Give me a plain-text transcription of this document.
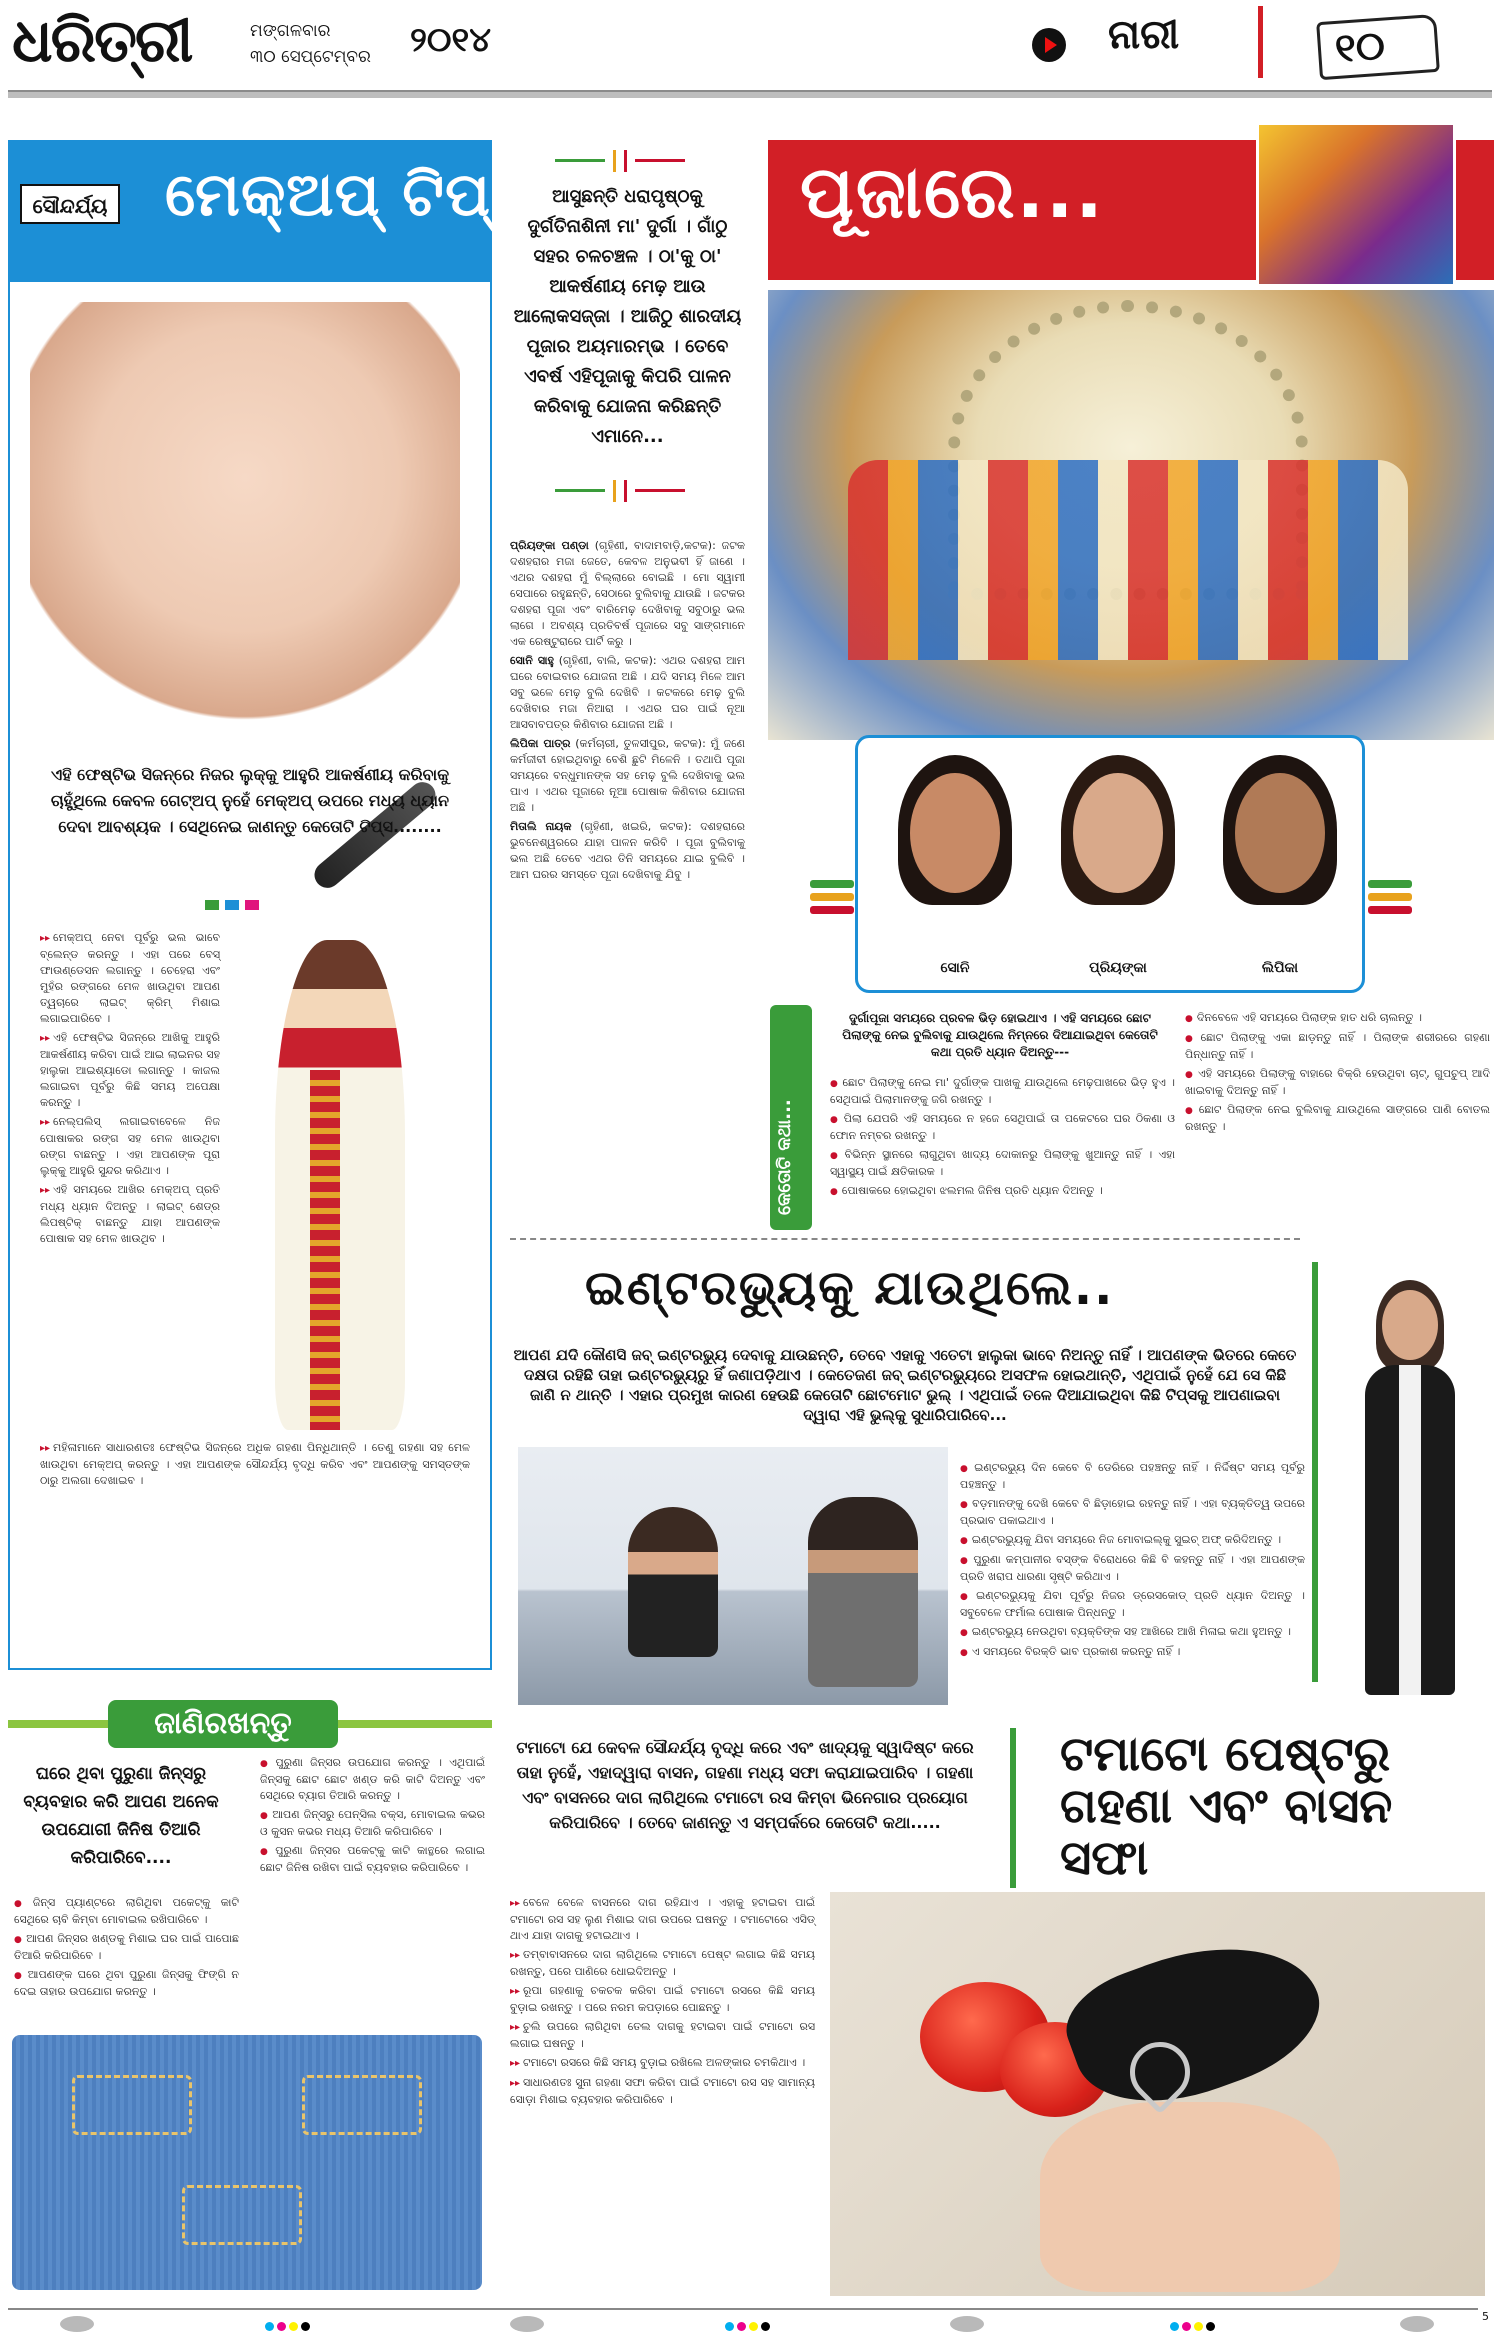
ଧରିତ୍ରୀ	ମଙ୍ଗଳବାର
୩୦ ସେପ୍ଟେମ୍ବର ୨୦୧୪	ନାରୀ	୧୦
ସୌନ୍ଦର୍ଯ୍ୟ ମେକ୍‌ଅପ୍ ଟିପ୍ସ
ଏହି ଫେଷ୍ଟିଭ ସିଜନ୍‌ରେ ନିଜର ଲୁକ୍‌କୁ ଆହୁରି ଆକର୍ଷଣୀୟ କରିବାକୁ ଚାହୁଁଥିଲେ କେବଳ ଗେଟ୍‌ଅପ୍ ନୁହେଁ ମେକ୍‌ଅପ୍ ଉପରେ ମଧ୍ୟ ଧ୍ୟାନ ଦେବା ଆବଶ୍ୟକ । ସେଥିନେଇ ଜାଣନ୍ତୁ କେତୋଟି ଟିପ୍ସ........

▸▸ ମେକ୍‌ଅପ୍ ନେବା ପୂର୍ବରୁ ଭଲ ଭାବେ ବ୍ଲେନ୍ଡ କରନ୍ତୁ । ଏହା ପରେ ବେସ୍ ଫାଉଣ୍ଡେସନ ଲଗାନ୍ତୁ । ଚେହେରା ଏବଂ ମୁହଁର ରଙ୍ଗରେ ମେଳ ଖାଉଥିବା ଆପଣ ତ୍ୱଚାରେ ଲାଇଟ୍ କ୍ରିମ୍ ମିଶାଇ ଲଗାଇପାରିବେ ।

▸▸ ଏହି ଫେଷ୍ଟିଭ ସିଜନ୍‌ରେ ଆଖିକୁ ଆହୁରି ଆକର୍ଷଣୀୟ କରିବା ପାଇଁ ଆଇ ଲାଇନର ସହ ହାଲୁକା ଆଇଶ୍ୟାଡୋ ଲଗାନ୍ତୁ । କାଜଲ ଲଗାଇବା ପୂର୍ବରୁ କିଛି ସମୟ ଅପେକ୍ଷା କରନ୍ତୁ ।

▸▸ ନେଲ୍‌ପଲିସ୍ ଲଗାଇବାବେଳେ ନିଜ ପୋଷାକର ରଙ୍ଗ ସହ ମେଳ ଖାଉଥିବା ରଙ୍ଗ ବାଛନ୍ତୁ । ଏହା ଆପଣଙ୍କ ପୂରା ଲୁକ୍‌କୁ ଆହୁରି ସୁନ୍ଦର କରିଥାଏ ।

▸▸ ଏହି ସମୟରେ ଆଖିର ମେକ୍‌ଅପ୍ ପ୍ରତି ମଧ୍ୟ ଧ୍ୟାନ ଦିଅନ୍ତୁ । ଲାଇଟ୍ ଶେଡ୍‌ର ଲିପଷ୍ଟିକ୍ ବାଛନ୍ତୁ ଯାହା ଆପଣଙ୍କ ପୋଷାକ ସହ ମେଳ ଖାଉଥିବ ।

▸▸ ମହିଳାମାନେ ସାଧାରଣତଃ ଫେଷ୍ଟିଭ ସିଜନ୍‌ରେ ଅଧିକ ଗହଣା ପିନ୍ଧିଥାନ୍ତି । ତେଣୁ ଗହଣା ସହ ମେଳ ଖାଉଥିବା ମେକ୍‌ଅପ୍ କରନ୍ତୁ । ଏହା ଆପଣଙ୍କ ସୌନ୍ଦର୍ଯ୍ୟ ବୃଦ୍ଧି କରିବ ଏବଂ ଆପଣଙ୍କୁ ସମସ୍ତଙ୍କ ଠାରୁ ଅଲଗା ଦେଖାଇବ ।

ଜାଣିରଖନ୍ତୁ
ଘରେ ଥିବା ପୁରୁଣା ଜିନ୍ସରୁ ବ୍ୟବହାର କରି ଆପଣ ଅନେକ ଉପଯୋଗୀ ଜିନିଷ ତିଆରି କରିପାରିବେ....

● ପୁରୁଣା ଜିନ୍ସର ଉପଯୋଗ କରନ୍ତୁ । ଏଥିପାଇଁ ଜିନ୍ସକୁ ଛୋଟ ଛୋଟ ଖଣ୍ଡ କରି କାଟି ଦିଅନ୍ତୁ ଏବଂ ସେଥିରେ ବ୍ୟାଗ ତିଆରି କରନ୍ତୁ ।

● ଆପଣ ଜିନ୍ସରୁ ପେନ୍ସିଲ ବକ୍ସ, ମୋବାଇଲ କଭର ଓ କୁସନ କଭର ମଧ୍ୟ ତିଆରି କରିପାରିବେ ।

● ପୁରୁଣା ଜିନ୍ସର ପକେଟ୍‌କୁ କାଟି କାନ୍ଥରେ ଲଗାଇ ଛୋଟ ଜିନିଷ ରଖିବା ପାଇଁ ବ୍ୟବହାର କରିପାରିବେ ।

● ଜିନ୍ସ ପ୍ୟାଣ୍ଟରେ ଲାଗିଥିବା ପକେଟ୍‌କୁ କାଟି ସେଥିରେ ଚାବି କିମ୍ବା ମୋବାଇଲ ରଖିପାରିବେ ।

● ଆପଣ ଜିନ୍ସର ଖଣ୍ଡକୁ ମିଶାଇ ଘର ପାଇଁ ପାପୋଛ ତିଆରି କରିପାରିବେ ।

● ଆପଣଙ୍କ ଘରେ ଥିବା ପୁରୁଣା ଜିନ୍ସକୁ ଫିଙ୍ଗି ନ ଦେଇ ତାହାର ଉପଯୋଗ କରନ୍ତୁ ।

ଆସୁଛନ୍ତି ଧରାପୃଷ୍ଠକୁ ଦୁର୍ଗତିନାଶିନୀ ମା' ଦୁର୍ଗା । ଗାଁଠୁ ସହର ଚଳଚଞ୍ଚଳ । ଠା'କୁ ଠା' ଆକର୍ଷଣୀୟ ମେଢ଼ ଆଉ ଆଲୋକସଜ୍ଜା । ଆଜିଠୁ ଶାରଦୀୟ ପୂଜାର ଅୟମାରମ୍ଭ । ତେବେ ଏବର୍ଷ ଏହିପୂଜାକୁ କିପରି ପାଳନ କରିବାକୁ ଯୋଜନା କରିଛନ୍ତି ଏମାନେ...

ପ୍ରିୟଙ୍କା ପଣ୍ଡା (ଗୃହିଣୀ, ବାଦାମବାଡ଼ି,କଟକ): ଜଟକ ଦଶହରାର ମଜା ଜେତେ, କେବଳ ଅନୁଭବୀ ହିଁ ଜାଣେ । ଏଥର ଦଶହରା ମୁଁ ବିଲ୍ଲାରେ ବୋଇଛି । ମୋ ସ୍ୱାମୀ ସେପାରେ ରହୁଛନ୍ତି, ସେଠାରେ ବୁଲିବାକୁ ଯାଉଛି । ଜଟକର ଦଶହରା ପୂଜା ଏବଂ ବାରିମେଢ଼ ଦେଖିବାକୁ ସବୁଠାରୁ ଭଲ ଲାଗେ । ଅବଶ୍ୟ ପ୍ରତିବର୍ଷ ପୂଜାରେ ସବୁ ସାଙ୍ଗମାନେ ଏକ ରେଷ୍ଟୁରାରେ ପାର୍ଟି କରୁ ।

ସୋନି ସାହୁ (ଗୃହିଣୀ, ବାଲି, କଟକ): ଏଥର ଦଶହରା ଆମ ଘରେ ବୋଇବାର ଯୋଜନା ଅଛି । ଯଦି ସମୟ ମିଳେ ଆମ ସବୁ ଭଳେ ମେଢ଼ ବୁଲି ଦେଖିବି । କଟକରେ ମେଢ଼ ବୁଲି ଦେଖିବାର ମଜା ନିଆରା । ଏଥର ଘର ପାଇଁ ନୂଆ ଆସବାବପତ୍ର କିଣିବାର ଯୋଜନା ଅଛି ।

ଲିପିକା ପାତ୍ର (କର୍ମଚାରୀ, ତୁଳସୀପୁର, କଟକ): ମୁଁ ଜଣେ କର୍ମଜୀବୀ ହୋଇଥିବାରୁ ବେଶି ଛୁଟି ମିଳେନି । ତଥାପି ପୂଜା ସମୟରେ ବନ୍ଧୁମାନଙ୍କ ସହ ମେଢ଼ ବୁଲି ଦେଖିବାକୁ ଭଲ ପାଏ । ଏଥର ପୂଜାରେ ନୂଆ ପୋଷାକ କିଣିବାର ଯୋଜନା ଅଛି ।

ମିତାଲି ନାୟକ (ଗୃହିଣୀ, ଖଇରି, କଟକ): ଦଶହରାରେ ଭୁବନେଶ୍ୱରରେ ଯାହା ପାଳନ କରିବି । ପୂଜା ବୁଲିବାକୁ ଭଲ ଅଛି ତେବେ ଏଥର ତିନି ସମୟରେ ଯାଇ ବୁଲିବି । ଆମ ଘରର ସମସ୍ତେ ପୂଜା ଦେଖିବାକୁ ଯିବୁ ।

ପୂଜାରେ...
ସୋନି	ପ୍ରିୟଙ୍କା	ଲିପିକା
କେତୋଟି କଥା...
ଦୁର୍ଗାପୂଜା ସମୟରେ ପ୍ରବଳ ଭିଡ଼ ହୋଇଥାଏ । ଏହି ସମୟରେ ଛୋଟ ପିଲାଙ୍କୁ ନେଇ ବୁଲିବାକୁ ଯାଉଥିଲେ ନିମ୍ନରେ ଦିଆଯାଇଥିବା କେତୋଟି କଥା ପ୍ରତି ଧ୍ୟାନ ଦିଅନ୍ତୁ---

● ଛୋଟ ପିଲାଙ୍କୁ ନେଇ ମା' ଦୁର୍ଗାଙ୍କ ପାଖକୁ ଯାଉଥିଲେ ମେଢ଼ପାଖରେ ଭିଡ଼ ହୁଏ । ସେଥିପାଇଁ ପିଲାମାନଙ୍କୁ ଜଗି ରଖନ୍ତୁ ।

● ପିଲା ଯେପରି ଏହି ସମୟରେ ନ ହଜେ ସେଥିପାଇଁ ତା ପକେଟରେ ଘର ଠିକଣା ଓ ଫୋନ ନମ୍ବର ରଖନ୍ତୁ ।

● ବିଭିନ୍ନ ସ୍ଥାନରେ ଲାଗୁଥିବା ଖାଦ୍ୟ ଦୋକାନରୁ ପିଲାଙ୍କୁ ଖୁଆନ୍ତୁ ନାହିଁ । ଏହା ସ୍ୱାସ୍ଥ୍ୟ ପାଇଁ କ୍ଷତିକାରକ ।

● ପୋଷାକରେ ହୋଇଥିବା ଝଲମଲ ଜିନିଷ ପ୍ରତି ଧ୍ୟାନ ଦିଅନ୍ତୁ ।

● ଦିନବେଳେ ଏହି ସମୟରେ ପିଲାଙ୍କ ହାତ ଧରି ଚାଲନ୍ତୁ ।

● ଛୋଟ ପିଲାଙ୍କୁ ଏକା ଛାଡ଼ନ୍ତୁ ନାହିଁ । ପିଲାଙ୍କ ଶରୀରରେ ଗହଣା ପିନ୍ଧାନ୍ତୁ ନାହିଁ ।

● ଏହି ସମୟରେ ପିଲାଙ୍କୁ ବାହାରେ ବିକ୍ରି ହେଉଥିବା ଚାଟ୍, ଗୁପଚୁପ୍ ଆଦି ଖାଇବାକୁ ଦିଅନ୍ତୁ ନାହିଁ ।

● ଛୋଟ ପିଲାଙ୍କ ନେଇ ବୁଲିବାକୁ ଯାଉଥିଲେ ସାଙ୍ଗରେ ପାଣି ବୋତଲ ରଖନ୍ତୁ ।

ଇଣ୍ଟରଭ୍ୟୁକୁ ଯାଉଥିଲେ..
ଆପଣ ଯଦି କୌଣସି ଜବ୍ ଇଣ୍ଟରଭ୍ୟୁ ଦେବାକୁ ଯାଉଛନ୍ତି, ତେବେ ଏହାକୁ ଏତେଟା ହାଲୁକା ଭାବେ ନିଅନ୍ତୁ ନାହିଁ । ଆପଣଙ୍କ ଭିତରେ କେତେ ଦକ୍ଷତା ରହିଛି ତାହା ଇଣ୍ଟରଭ୍ୟୁରୁ ହିଁ ଜଣାପଡ଼ିଥାଏ । କେତେଜଣ ଜବ୍ ଇଣ୍ଟରଭ୍ୟୁରେ ଅସଫଳ ହୋଇଥାନ୍ତି, ଏଥିପାଇଁ ନୁହେଁ ଯେ ସେ କିଛି ଜାଣି ନ ଥାନ୍ତି । ଏହାର ପ୍ରମୁଖ କାରଣ ହେଉଛି କେତୋଟି ଛୋଟମୋଟ ଭୁଲ୍ । ଏଥିପାଇଁ ତଳେ ଦିଆଯାଇଥିବା କିଛି ଟିପ୍ସକୁ ଆପଣାଇବା ଦ୍ୱାରା ଏହି ଭୁଲ୍‌କୁ ସୁଧାରିପାରିବେ...

● ଇଣ୍ଟରଭ୍ୟୁ ଦିନ କେବେ ବି ଡେରିରେ ପହଞ୍ଚନ୍ତୁ ନାହିଁ । ନିର୍ଦ୍ଦିଷ୍ଟ ସମୟ ପୂର୍ବରୁ ପହଞ୍ଚନ୍ତୁ ।

● ବଡ଼ମାନଙ୍କୁ ଦେଖି କେବେ ବି ଛିଡ଼ାହୋଇ ରହନ୍ତୁ ନାହିଁ । ଏହା ବ୍ୟକ୍ତିତ୍ୱ ଉପରେ ପ୍ରଭାବ ପକାଇଥାଏ ।

● ଇଣ୍ଟରଭ୍ୟୁକୁ ଯିବା ସମୟରେ ନିଜ ମୋବାଇଲ୍‌କୁ ସୁଇଚ୍ ଅଫ୍ କରିଦିଅନ୍ତୁ ।

● ପୁରୁଣା କମ୍ପାନୀର ବସ୍‌ଙ୍କ ବିରୋଧରେ କିଛି ବି କହନ୍ତୁ ନାହିଁ । ଏହା ଆପଣଙ୍କ ପ୍ରତି ଖରାପ ଧାରଣା ସୃଷ୍ଟି କରିଥାଏ ।

● ଇଣ୍ଟରଭ୍ୟୁକୁ ଯିବା ପୂର୍ବରୁ ନିଜର ଡ୍ରେସକୋଡ୍ ପ୍ରତି ଧ୍ୟାନ ଦିଅନ୍ତୁ । ସବୁବେଳେ ଫର୍ମାଲ ପୋଷାକ ପିନ୍ଧନ୍ତୁ ।

● ଇଣ୍ଟରଭ୍ୟୁ ନେଉଥିବା ବ୍ୟକ୍ତିଙ୍କ ସହ ଆଖିରେ ଆଖି ମିଳାଇ କଥା ହୁଅନ୍ତୁ ।

● ଏ ସମୟରେ ବିରକ୍ତି ଭାବ ପ୍ରକାଶ କରନ୍ତୁ ନାହିଁ ।

ଟମାଟୋ ଯେ କେବଳ ସୌନ୍ଦର୍ଯ୍ୟ ବୃଦ୍ଧି କରେ ଏବଂ ଖାଦ୍ୟକୁ ସ୍ୱାଦିଷ୍ଟ କରେ ତାହା ନୁହେଁ, ଏହାଦ୍ୱାରା ବାସନ, ଗହଣା ମଧ୍ୟ ସଫା କରାଯାଇପାରିବ । ଗହଣା ଏବଂ ବାସନରେ ଦାଗ ଲାଗିଥିଲେ ଟମାଟୋ ରସ କିମ୍ବା ଭିନେଗାର ପ୍ରୟୋଗ କରିପାରିବେ । ତେବେ ଜାଣନ୍ତୁ ଏ ସମ୍ପର୍କରେ କେତୋଟି କଥା.....
ଟମାଟୋ ପେଷ୍ଟରୁ ଗହଣା ଏବଂ ବାସନ ସଫା

▸▸ ବେଳେ ବେଳେ ବାସନରେ ଦାଗ ରହିଯାଏ । ଏହାକୁ ହଟାଇବା ପାଇଁ ଟମାଟୋ ରସ ସହ ଲୁଣ ମିଶାଇ ଦାଗ ଉପରେ ଘଷନ୍ତୁ । ଟମାଟୋରେ ଏସିଡ୍ ଥାଏ ଯାହା ଦାଗକୁ ହଟାଇଥାଏ ।

▸▸ ତମ୍ବାବାସନରେ ଦାଗ ଲାଗିଥିଲେ ଟମାଟୋ ପେଷ୍ଟ ଲଗାଇ କିଛି ସମୟ ରଖନ୍ତୁ, ପରେ ପାଣିରେ ଧୋଇଦିଅନ୍ତୁ ।

▸▸ ରୂପା ଗହଣାକୁ ଚକଚକ କରିବା ପାଇଁ ଟମାଟୋ ରସରେ କିଛି ସମୟ ବୁଡ଼ାଇ ରଖନ୍ତୁ । ପରେ ନରମ କପଡ଼ାରେ ପୋଛନ୍ତୁ ।

▸▸ ଚୁଲି ଉପରେ ଲାଗିଥିବା ତେଲ ଦାଗକୁ ହଟାଇବା ପାଇଁ ଟମାଟୋ ରସ ଲଗାଇ ଘଷନ୍ତୁ ।

▸▸ ଟମାଟୋ ରସରେ କିଛି ସମୟ ବୁଡ଼ାଇ ରଖିଲେ ଅଳଙ୍କାର ଚମକିଥାଏ ।

▸▸ ସାଧାରଣତଃ ସୁନା ଗହଣା ସଫା କରିବା ପାଇଁ ଟମାଟୋ ରସ ସହ ସାମାନ୍ୟ ସୋଡ଼ା ମିଶାଇ ବ୍ୟବହାର କରିପାରିବେ ।

5
